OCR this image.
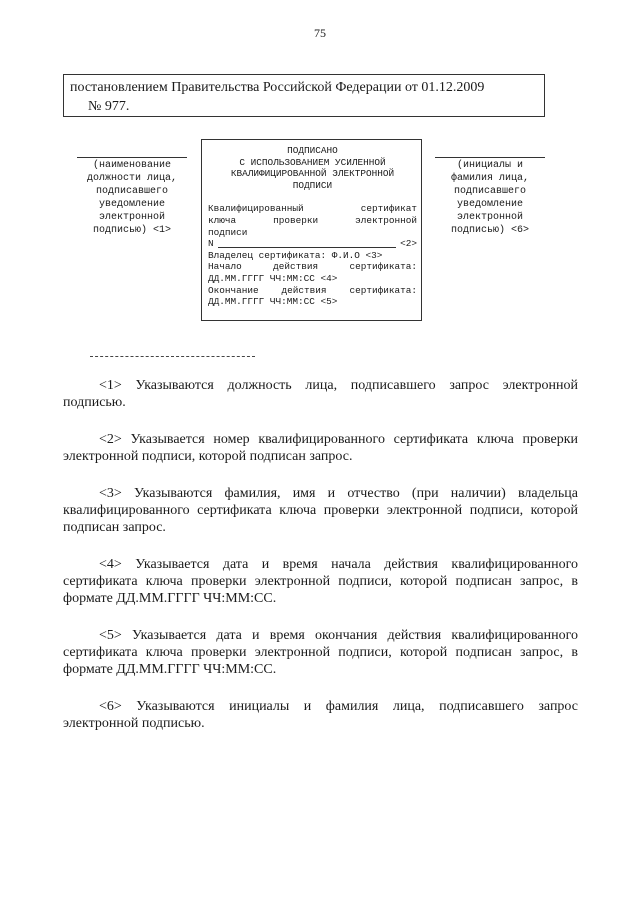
75
постановлением Правительства Российской Федерации от 01.12.2009
№ 977.
(наименование
должности лица,
подписавшего
уведомление
электронной
подписью) <1>
ПОДПИСАНО
С ИСПОЛЬЗОВАНИЕМ УСИЛЕННОЙ
КВАЛИФИЦИРОВАННОЙ ЭЛЕКТРОННОЙ
ПОДПИСИ
Квалифицированный сертификат
ключа проверки электронной
подписи
N	<2>
Владелец сертификата: Ф.И.О <3>
Начало действия сертификата:
ДД.ММ.ГГГГ ЧЧ:ММ:СС <4>
Окончание действия сертификата:
ДД.ММ.ГГГГ ЧЧ:ММ:СС <5>
(инициалы и
фамилия лица,
подписавшего
уведомление
электронной
подписью) <6>

<1> Указываются должность лица, подписавшего запрос электронной подписью.

<2> Указывается номер квалифицированного сертификата ключа проверки электронной подписи, которой подписан запрос.

<3> Указываются фамилия, имя и отчество (при наличии) владельца квалифицированного сертификата ключа проверки электронной подписи, которой подписан запрос.

<4> Указывается дата и время начала действия квалифицированного сертификата ключа проверки электронной подписи, которой подписан запрос, в формате ДД.ММ.ГГГГ ЧЧ:ММ:СС.

<5> Указывается дата и время окончания действия квалифицированного сертификата ключа проверки электронной подписи, которой подписан запрос, в формате ДД.ММ.ГГГГ ЧЧ:ММ:СС.

<6> Указываются инициалы и фамилия лица, подписавшего запрос электронной подписью.
